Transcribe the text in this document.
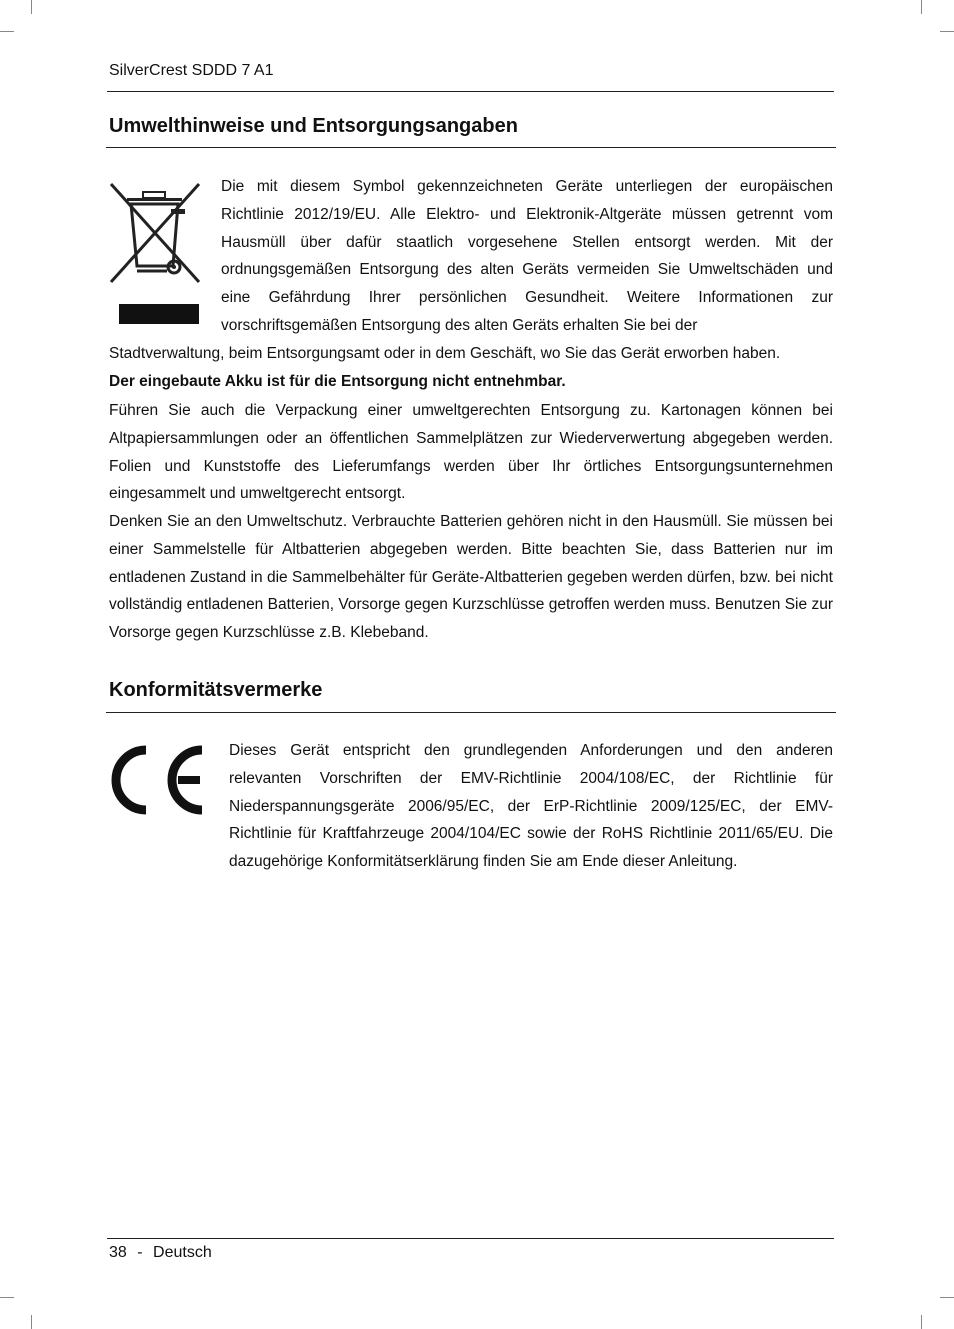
SilverCrest SDDD 7 A1
Umwelthinweise und Entsorgungsangaben

Die mit diesem Symbol gekennzeichneten Geräte unterliegen der europäischen Richtlinie 2012/19/EU. Alle Elektro- und Elektronik-Altgeräte müssen getrennt vom Hausmüll über dafür staatlich vorgesehene Stellen entsorgt werden. Mit der ordnungsgemäßen Entsorgung des alten Geräts vermeiden Sie Umweltschäden und eine Gefährdung Ihrer persönlichen Gesundheit. Weitere Informationen zur vorschriftsgemäßen Entsorgung des alten Geräts erhalten Sie bei der

Stadtverwaltung, beim Entsorgungsamt oder in dem Geschäft, wo Sie das Gerät erworben haben.

Der eingebaute Akku ist für die Entsorgung nicht entnehmbar.

Führen Sie auch die Verpackung einer umweltgerechten Entsorgung zu. Kartonagen können bei Altpapiersammlungen oder an öffentlichen Sammelplätzen zur Wiederverwertung abgegeben werden. Folien und Kunststoffe des Lieferumfangs werden über Ihr örtliches Entsorgungsunternehmen eingesammelt und umweltgerecht entsorgt.

Denken Sie an den Umweltschutz. Verbrauchte Batterien gehören nicht in den Hausmüll. Sie müssen bei einer Sammelstelle für Altbatterien abgegeben werden. Bitte beachten Sie, dass Batterien nur im entladenen Zustand in die Sammelbehälter für Geräte-Altbatterien gegeben werden dürfen, bzw. bei nicht vollständig entladenen Batterien, Vorsorge gegen Kurzschlüsse getroffen werden muss. Benutzen Sie zur Vorsorge gegen Kurzschlüsse z.B. Klebeband.

Konformitätsvermerke

Dieses Gerät entspricht den grundlegenden Anforderungen und den anderen relevanten Vorschriften der EMV-Richtlinie 2004/108/EC, der Richtlinie für Niederspannungsgeräte 2006/95/EC, der ErP-Richtlinie 2009/125/EC, der EMV-Richtlinie für Kraftfahrzeuge 2004/104/EC sowie der RoHS Richtlinie 2011/65/EU. Die dazugehörige Konformitätserklärung finden Sie am Ende dieser Anleitung.

38 - Deutsch
